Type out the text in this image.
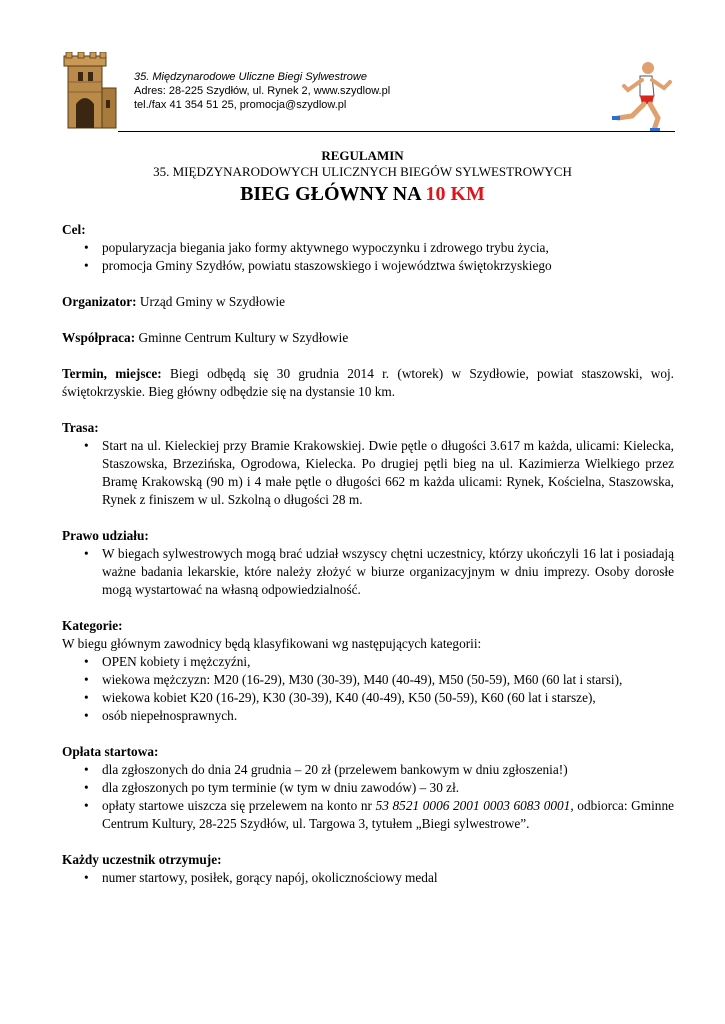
35. Międzynarodowe Uliczne Biegi Sylwestrowe
Adres: 28-225 Szydłów, ul. Rynek 2, www.szydlow.pl
tel./fax 41 354 51 25, promocja@szydlow.pl
REGULAMIN
35. MIĘDZYNARODOWYCH ULICZNYCH BIEGÓW SYLWESTROWYCH
BIEG GŁÓWNY NA 10 KM
Cel:
• popularyzacja biegania jako formy aktywnego wypoczynku i zdrowego trybu życia,
• promocja Gminy Szydłów, powiatu staszowskiego i województwa świętokrzyskiego

Organizator: Urząd Gminy w Szydłowie

Współpraca: Gminne Centrum Kultury w Szydłowie

Termin, miejsce: Biegi odbędą się 30 grudnia 2014 r. (wtorek) w Szydłowie, powiat staszowski, woj. świętokrzyskie. Bieg główny odbędzie się na dystansie 10 km.

Trasa:
• Start na ul. Kieleckiej przy Bramie Krakowskiej. Dwie pętle o długości 3.617 m każda, ulicami: Kielecka, Staszowska, Brzezińska, Ogrodowa, Kielecka. Po drugiej pętli bieg na ul. Kazimierza Wielkiego przez Bramę Krakowską (90 m) i 4 małe pętle o długości 662 m każda ulicami: Rynek, Kościelna, Staszowska, Rynek z finiszem w ul. Szkolną o długości 28 m.
Prawo udziału:
• W biegach sylwestrowych mogą brać udział wszyscy chętni uczestnicy, którzy ukończyli 16 lat i posiadają ważne badania lekarskie, które należy złożyć w biurze organizacyjnym w dniu imprezy. Osoby dorosłe mogą wystartować na własną odpowiedzialność.
Kategorie:

W biegu głównym zawodnicy będą klasyfikowani wg następujących kategorii:

• OPEN kobiety i mężczyźni,
• wiekowa mężczyzn: M20 (16-29), M30 (30-39), M40 (40-49), M50 (50-59), M60 (60 lat i starsi),
• wiekowa kobiet K20 (16-29), K30 (30-39), K40 (40-49), K50 (50-59), K60 (60 lat i starsze),
• osób niepełnosprawnych.
Opłata startowa:
• dla zgłoszonych do dnia 24 grudnia – 20 zł (przelewem bankowym w dniu zgłoszenia!)
• dla zgłoszonych po tym terminie (w tym w dniu zawodów) – 30 zł.
• opłaty startowe uiszcza się przelewem na konto nr 53 8521 0006 2001 0003 6083 0001, odbiorca: Gminne Centrum Kultury, 28-225 Szydłów, ul. Targowa 3, tytułem „Biegi sylwestrowe”.
Każdy uczestnik otrzymuje:
• numer startowy, posiłek, gorący napój, okolicznościowy medal
